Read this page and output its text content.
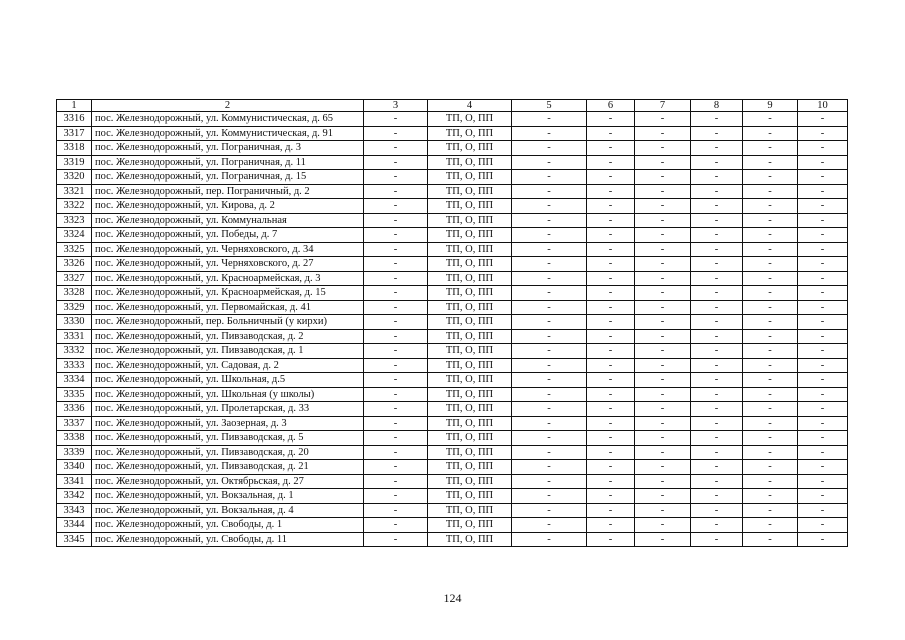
1	2	3	4	5	6	7	8	9	10
3316	пос. Железнодорожный, ул. Коммунистическая, д. 65	-	ТП, О, ПП	-	-	-	-	-	-
3317	пос. Железнодорожный, ул. Коммунистическая, д. 91	-	ТП, О, ПП	-	-	-	-	-	-
3318	пос. Железнодорожный, ул. Пограничная, д. 3	-	ТП, О, ПП	-	-	-	-	-	-
3319	пос. Железнодорожный, ул. Пограничная, д. 11	-	ТП, О, ПП	-	-	-	-	-	-
3320	пос. Железнодорожный, ул. Пограничная, д. 15	-	ТП, О, ПП	-	-	-	-	-	-
3321	пос. Железнодорожный, пер. Пограничный, д. 2	-	ТП, О, ПП	-	-	-	-	-	-
3322	пос. Железнодорожный, ул. Кирова, д. 2	-	ТП, О, ПП	-	-	-	-	-	-
3323	пос. Железнодорожный, ул. Коммунальная	-	ТП, О, ПП	-	-	-	-	-	-
3324	пос. Железнодорожный, ул. Победы, д. 7	-	ТП, О, ПП	-	-	-	-	-	-
3325	пос. Железнодорожный, ул. Черняховского, д. 34	-	ТП, О, ПП	-	-	-	-	-	-
3326	пос. Железнодорожный, ул. Черняховского, д. 27	-	ТП, О, ПП	-	-	-	-	-	-
3327	пос. Железнодорожный, ул. Красноармейская, д. 3	-	ТП, О, ПП	-	-	-	-	-	-
3328	пос. Железнодорожный, ул. Красноармейская, д. 15	-	ТП, О, ПП	-	-	-	-	-	-
3329	пос. Железнодорожный, ул. Первомайская, д. 41	-	ТП, О, ПП	-	-	-	-	-	-
3330	пос. Железнодорожный, пер. Больничный (у кирхи)	-	ТП, О, ПП	-	-	-	-	-	-
3331	пос. Железнодорожный, ул. Пивзаводская, д. 2	-	ТП, О, ПП	-	-	-	-	-	-
3332	пос. Железнодорожный, ул. Пивзаводская, д. 1	-	ТП, О, ПП	-	-	-	-	-	-
3333	пос. Железнодорожный, ул. Садовая, д. 2	-	ТП, О, ПП	-	-	-	-	-	-
3334	пос. Железнодорожный, ул. Школьная, д.5	-	ТП, О, ПП	-	-	-	-	-	-
3335	пос. Железнодорожный, ул. Школьная (у школы)	-	ТП, О, ПП	-	-	-	-	-	-
3336	пос. Железнодорожный, ул. Пролетарская, д. 33	-	ТП, О, ПП	-	-	-	-	-	-
3337	пос. Железнодорожный, ул. Заозерная, д. 3	-	ТП, О, ПП	-	-	-	-	-	-
3338	пос. Железнодорожный, ул. Пивзаводская, д. 5	-	ТП, О, ПП	-	-	-	-	-	-
3339	пос. Железнодорожный, ул. Пивзаводская, д. 20	-	ТП, О, ПП	-	-	-	-	-	-
3340	пос. Железнодорожный, ул. Пивзаводская, д. 21	-	ТП, О, ПП	-	-	-	-	-	-
3341	пос. Железнодорожный, ул. Октябрьская, д. 27	-	ТП, О, ПП	-	-	-	-	-	-
3342	пос. Железнодорожный, ул. Вокзальная, д. 1	-	ТП, О, ПП	-	-	-	-	-	-
3343	пос. Железнодорожный, ул. Вокзальная, д. 4	-	ТП, О, ПП	-	-	-	-	-	-
3344	пос. Железнодорожный, ул. Свободы, д. 1	-	ТП, О, ПП	-	-	-	-	-	-
3345	пос. Железнодорожный, ул. Свободы, д. 11	-	ТП, О, ПП	-	-	-	-	-	-
124
